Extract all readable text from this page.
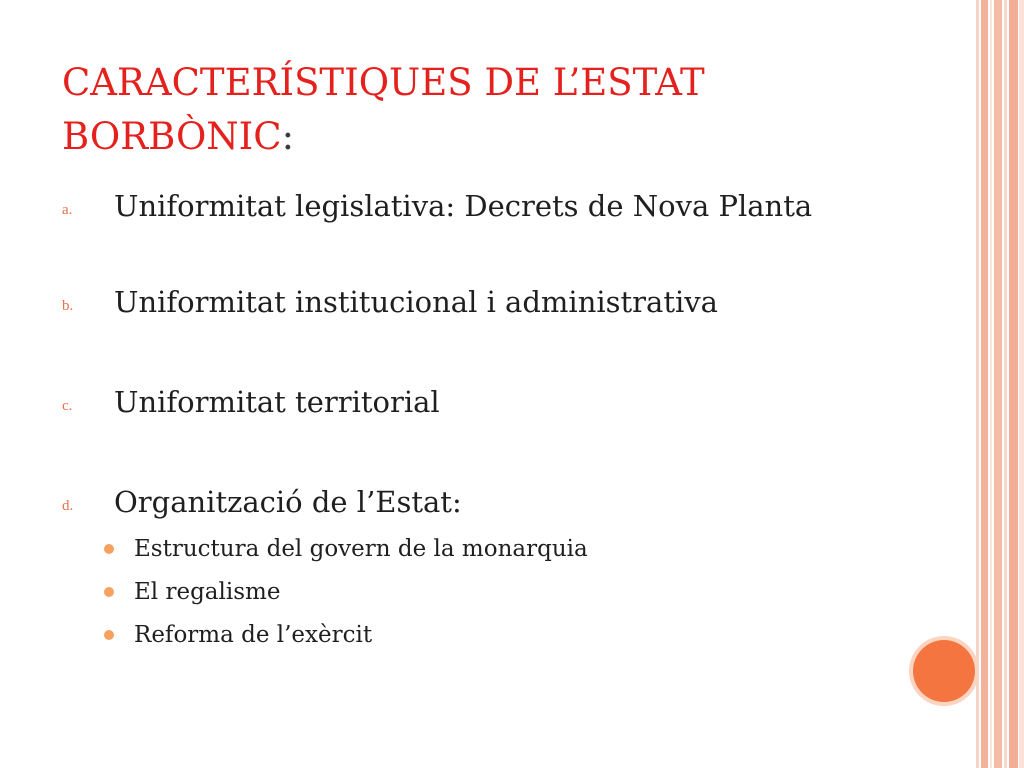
CARACTERÍSTIQUES DE L’ESTAT BORBÒNIC:
a. Uniformitat legislativa: Decrets de Nova Planta
b. Uniformitat institucional i administrativa
c. Uniformitat territorial
d. Organització de l’Estat:
Estructura del govern de la monarquia
El regalisme
Reforma de l’exèrcit
